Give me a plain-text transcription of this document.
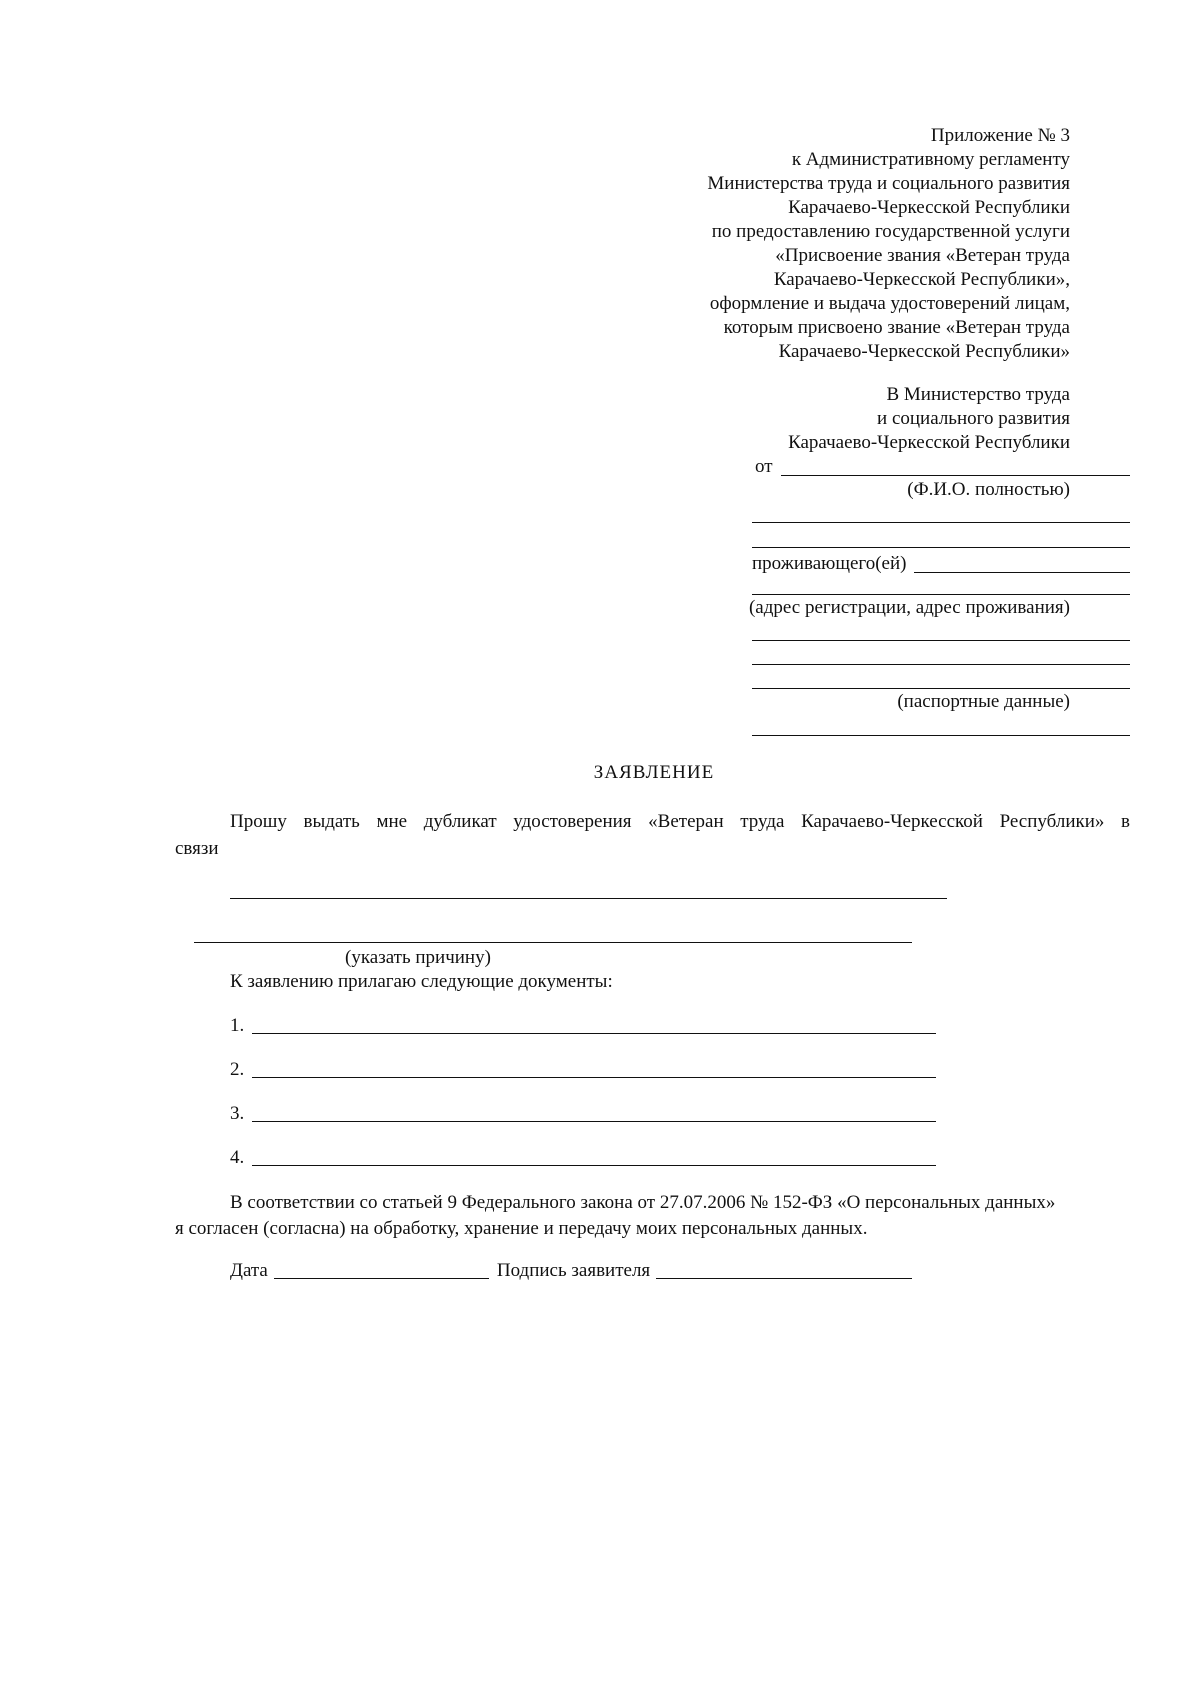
Приложение № 3
к Административному регламенту
Министерства труда и социального развития
Карачаево-Черкесской Республики
по предоставлению государственной услуги
«Присвоение звания «Ветеран труда
Карачаево-Черкесской Республики»,
оформление и выдача удостоверений лицам,
которым присвоено звание «Ветеран труда
Карачаево-Черкесской Республики»
В Министерство труда
и социального развития
Карачаево-Черкесской Республики
от
(Ф.И.О. полностью)
проживающего(ей)
(адрес регистрации, адрес проживания)
(паспортные данные)
ЗАЯВЛЕНИЕ
Прошу выдать мне дубликат удостоверения «Ветеран труда Карачаево-Черкесской Республики» в
связи
(указать причину)
К заявлению прилагаю следующие документы:
1.
2.
3.
4.
В соответствии со статьей 9 Федерального закона от 27.07.2006 № 152-ФЗ «О персональных данных»
я согласен (согласна) на обработку, хранение и передачу моих персональных данных.
Дата	Подпись заявителя
